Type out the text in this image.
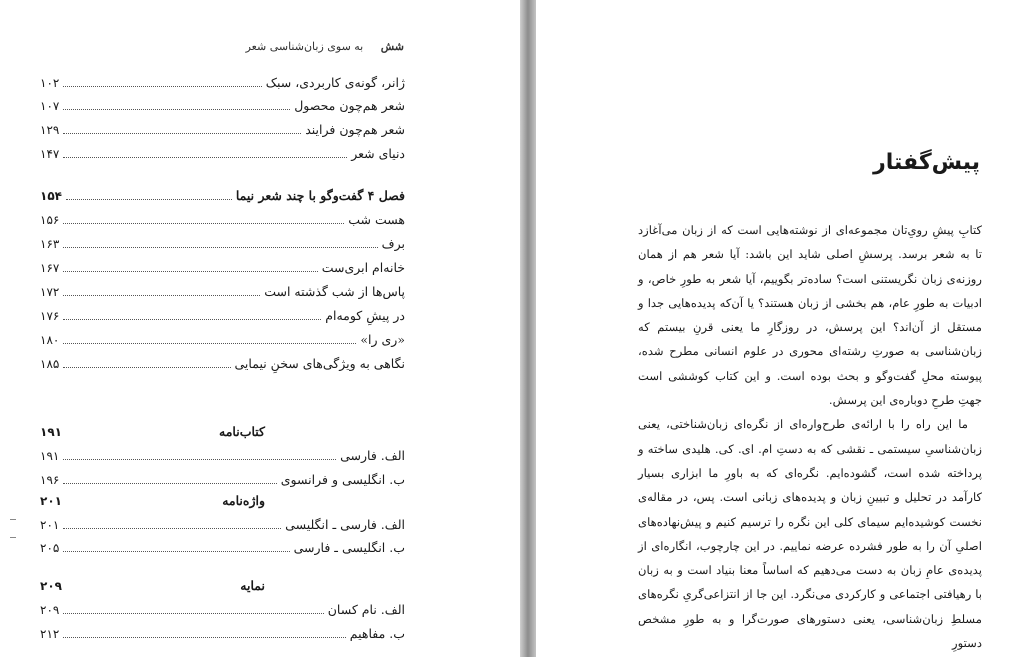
شش به سوی زبان‌شناسی شعر
ژانر، گونه‌ی کاربردی، سبک
۱۰۲
شعر هم‌چون محصول
۱۰۷
شعر هم‌چون فرایند
۱۲۹
دنیای شعر
۱۴۷
فصل ۴ گفت‌وگو با چند شعر نیما
۱۵۴
هست شب
۱۵۶
برف
۱۶۳
خانه‌ام ابری‌ست
۱۶۷
پاس‌ها از شب گذشته است
۱۷۲
در پیشِ کومه‌ام
۱۷۶
«ری را»
۱۸۰
نگاهی به ویژگی‌های سخنِ نیمایی
۱۸۵
کتاب‌نامه
۱۹۱
الف. فارسی
۱۹۱
ب. انگلیسی و فرانسوی
۱۹۶
واژه‌نامه
۲۰۱
الف. فارسی ـ انگلیسی
۲۰۱
ب. انگلیسی ـ فارسی
۲۰۵
نمایه
۲۰۹
الف. نام کسان
۲۰۹
ب. مفاهیم
۲۱۲
پیش‌گفتار

کتابِ پیشِ رویِ‌تان مجموعه‌ای از نوشته‌هایی است که از زبان می‌آغازد تا به شعر برسد. پرسشِ اصلی شاید این باشد: آیا شعر هم از همان روزنه‌ی زبان نگریستنی است؟ ساده‌تر بگوییم، آیا شعر به طورِ خاص، و ادبیات به طورِ عام، هم بخشی از زبان هستند؟ یا آن‌که پدیده‌هایی جدا و مستقل از آن‌اند؟ این پرسش، در روزگارِ ما یعنی قرنِ بیستم که زبان‌شناسی به صورتِ رشته‌ای محوری در علوم انسانی مطرح شده، پیوسته محلِ گفت‌وگو و بحث بوده است. و این کتاب کوششی است جهتِ طرحِ دوباره‌ی این پرسش.

ما این راه را با ارائه‌ی طرح‌واره‌ای از نگره‌ای زبان‌شناختی، یعنی زبان‌شناسیِ سیستمی ـ نقشی که به دستِ ام. ای. کی. هلیدی ساخته و پرداخته شده است، گشوده‌ایم. نگره‌ای که به باورِ ما ابزاری بسیار کارآمد در تحلیل و تبیینِ زبان و پدیده‌های زبانی است. پس، در مقاله‌ی نخست کوشیده‌ایم سیمای کلی این نگره را ترسیم کنیم و پیش‌نهاده‌های اصلیِ آن را به طور فشرده عرضه نماییم. در این چارچوب، انگاره‌ای از پدیده‌ی عامِ زبان به دست می‌دهیم که اساساً معنا بنیاد است و به زبان با رهیافتی اجتماعی و کارکردی می‌نگرد. این جا از انتزاعی‌گریِ نگره‌های مسلطِ زبان‌شناسی، یعنی دستورهای صورت‌گرا و به طورِ مشخص دستورِ
